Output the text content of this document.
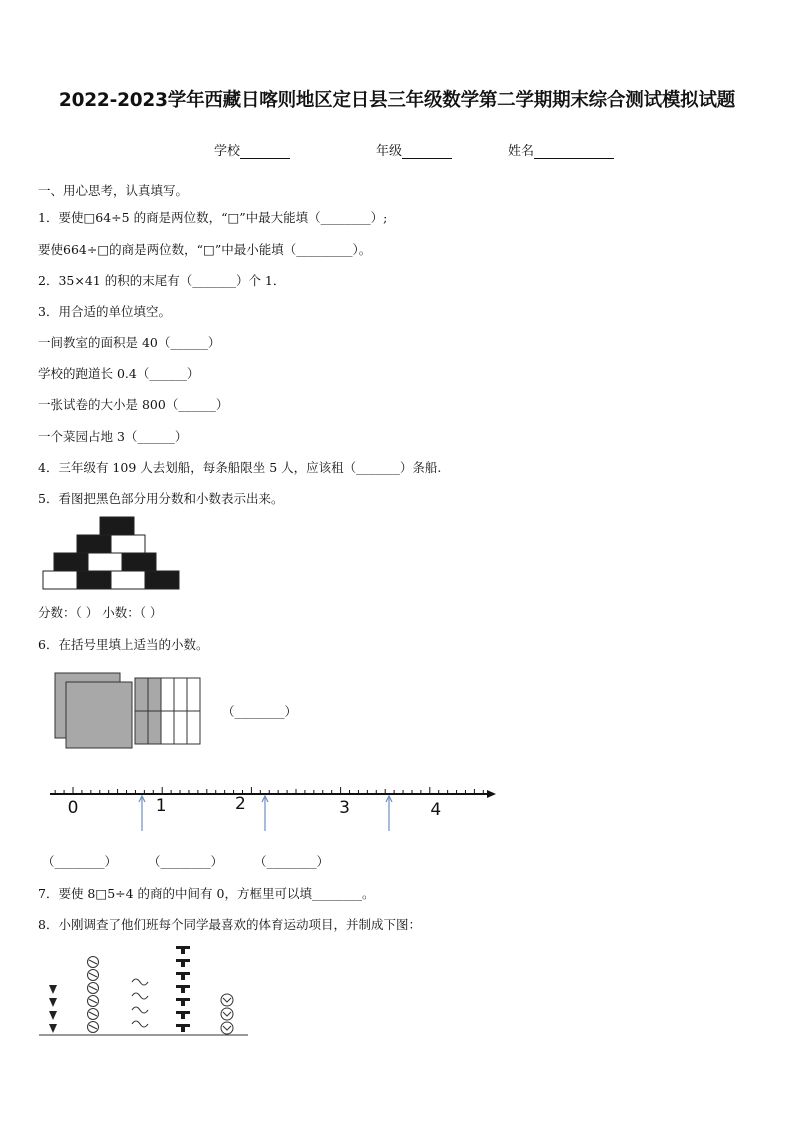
2022-2023学年西藏日喀则地区定日县三年级数学第二学期期末综合测试模拟试题
学校	年级	姓名
一、用心思考，认真填写。
1．要使□64÷5 的商是两位数，“□”中最大能填（________）;
要使664÷□的商是两位数，“□”中最小能填（_________）。
2．35×41 的积的末尾有（_______）个 1．
3．用合适的单位填空。
一间教室的面积是 40（______）
学校的跑道长 0.4（______）
一张试卷的大小是 800（______）
一个菜园占地 3（______）
4．三年级有 109 人去划船，每条船限坐 5 人，应该租（_______）条船.
5．看图把黑色部分用分数和小数表示出来。
分数：（ ） 小数：（ ）
6．在括号里填上适当的小数。
（________）
0	1	2	3	4
（________） （________） （________）
7．要使 8□5÷4 的商的中间有 0，方框里可以填________。
8．小刚调查了他们班每个同学最喜欢的体育运动项目，并制成下图：
